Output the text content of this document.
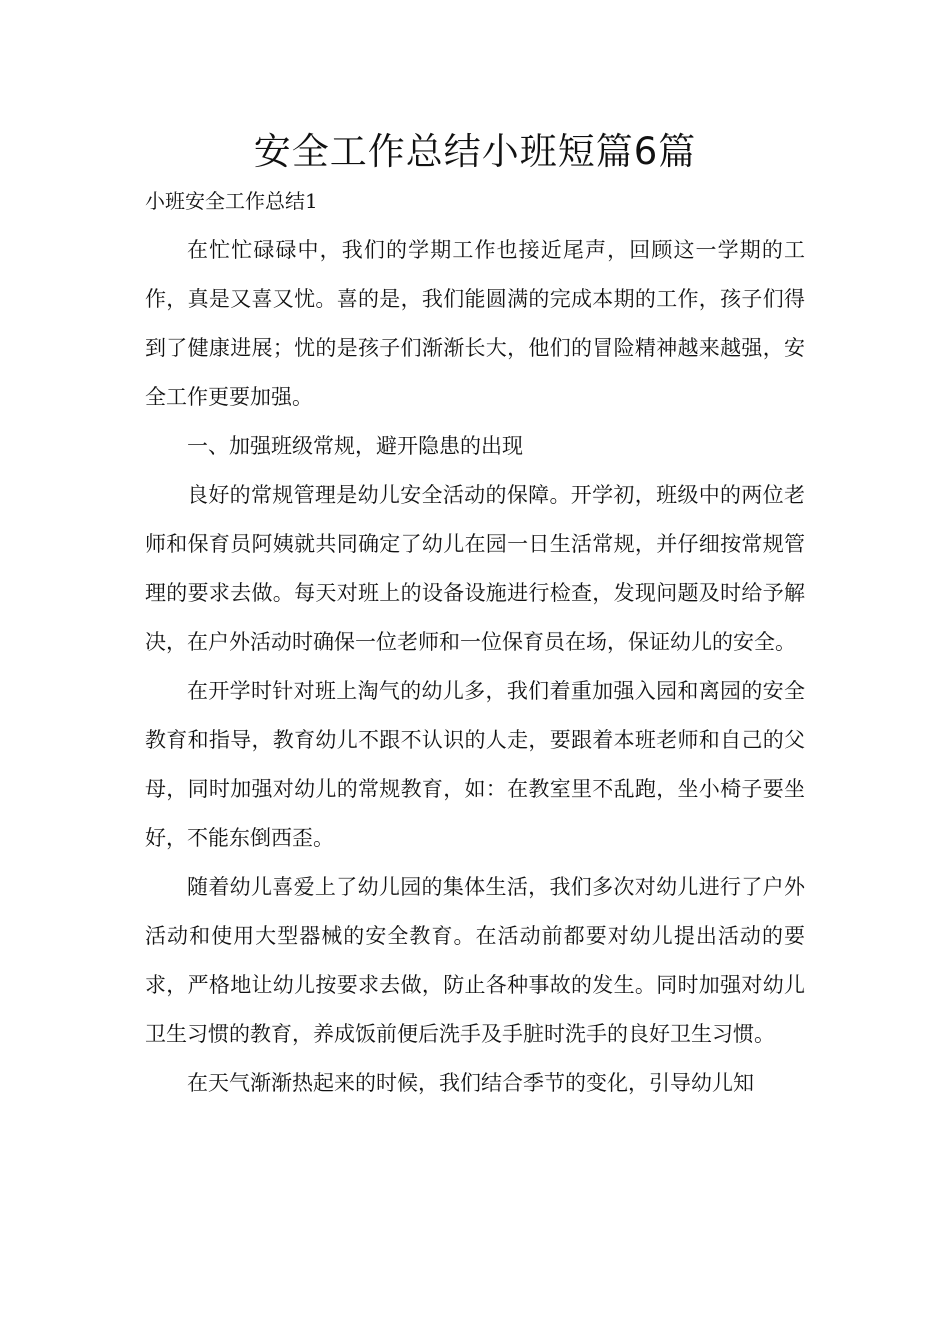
安全工作总结小班短篇6篇
小班安全工作总结1

在忙忙碌碌中，我们的学期工作也接近尾声，回顾这一学期的工作，真是又喜又忧。喜的是，我们能圆满的完成本期的工作，孩子们得到了健康进展；忧的是孩子们渐渐长大，他们的冒险精神越来越强，安全工作更要加强。

一、加强班级常规，避开隐患的出现

良好的常规管理是幼儿安全活动的保障。开学初，班级中的两位老师和保育员阿姨就共同确定了幼儿在园一日生活常规，并仔细按常规管理的要求去做。每天对班上的设备设施进行检查，发现问题及时给予解决，在户外活动时确保一位老师和一位保育员在场，保证幼儿的安全。

在开学时针对班上淘气的幼儿多，我们着重加强入园和离园的安全教育和指导，教育幼儿不跟不认识的人走，要跟着本班老师和自己的父母，同时加强对幼儿的常规教育，如：在教室里不乱跑，坐小椅子要坐好，不能东倒西歪。

随着幼儿喜爱上了幼儿园的集体生活，我们多次对幼儿进行了户外活动和使用大型器械的安全教育。在活动前都要对幼儿提出活动的要求，严格地让幼儿按要求去做，防止各种事故的发生。同时加强对幼儿卫生习惯的教育，养成饭前便后洗手及手脏时洗手的良好卫生习惯。

在天气渐渐热起来的时候，我们结合季节的变化，引导幼儿知
